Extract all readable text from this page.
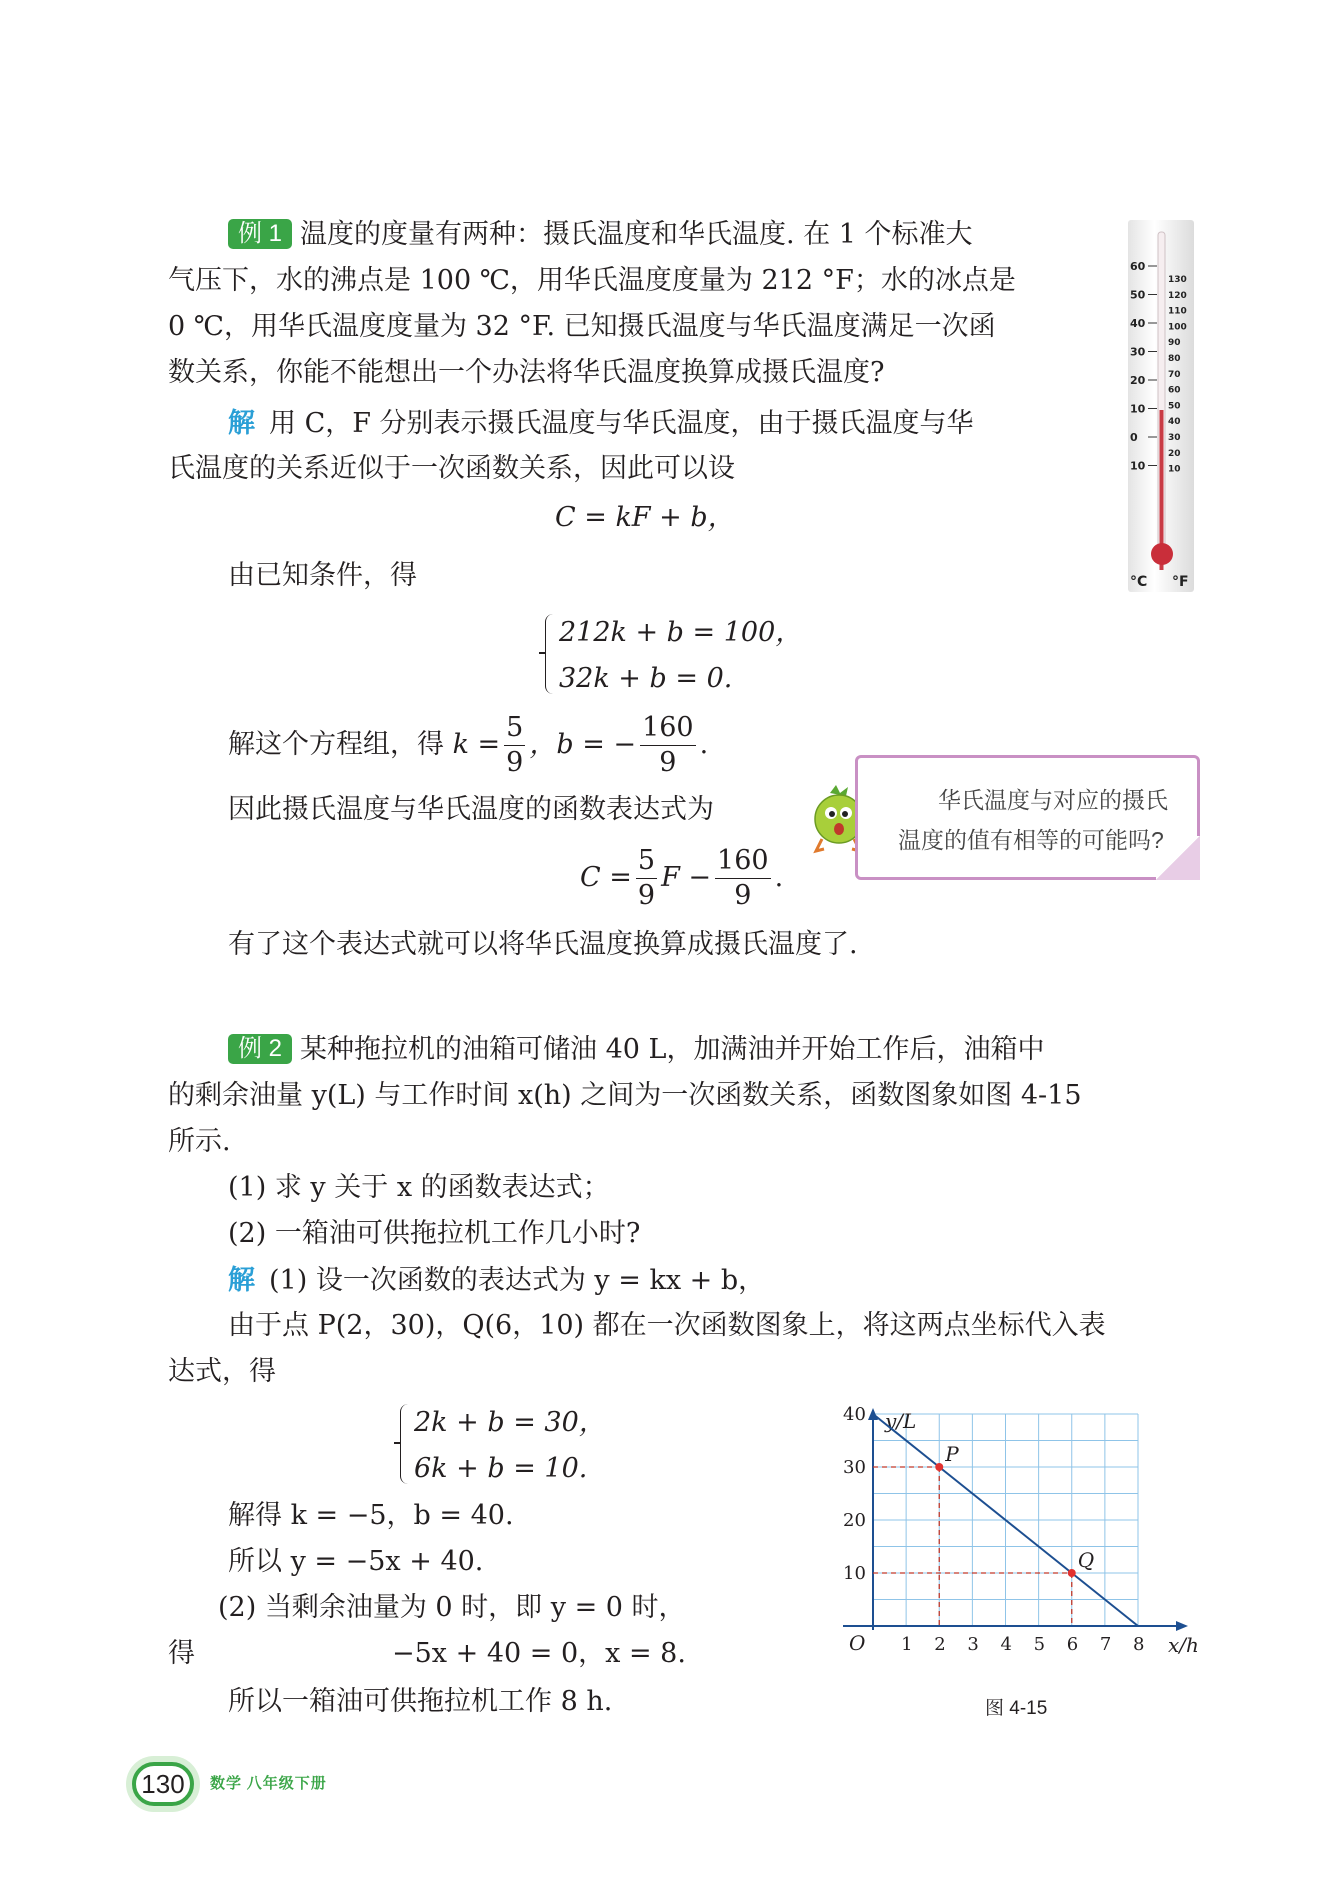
例 1 温度的度量有两种：摄氏温度和华氏温度. 在 1 个标准大
气压下，水的沸点是 100 ℃，用华氏温度度量为 212 °F；水的冰点是
0 ℃，用华氏温度度量为 32 °F. 已知摄氏温度与华氏温度满足一次函
数关系，你能不能想出一个办法将华氏温度换算成摄氏温度?
解 用 C，F 分别表示摄氏温度与华氏温度，由于摄氏温度与华
氏温度的关系近似于一次函数关系，因此可以设
C = kF + b，
由已知条件，得
212k + b = 100，
32k + b = 0.
解这个方程组，得 $k = \frac{5}{9}$ ，b = − $\frac{160}{9}$ .
因此摄氏温度与华氏温度的函数表达式为
$C = \frac{5}{9}$ $F - \frac{160}{9}$ .
有了这个表达式就可以将华氏温度换算成摄氏温度了.
60
50
40
30
20
10
0
10
130
120
110
100
90
80
70
60
50
40
30
20
10
°C °F
华氏温度与对应的摄氏温度的值有相等的可能吗?
例 2 某种拖拉机的油箱可储油 40 L，加满油并开始工作后，油箱中
的剩余油量 y(L) 与工作时间 x(h) 之间为一次函数关系，函数图象如图 4-15
所示.
(1) 求 y 关于 x 的函数表达式；
(2) 一箱油可供拖拉机工作几小时?
解 (1) 设一次函数的表达式为 y = kx + b，
由于点 P(2，30)，Q(6，10) 都在一次函数图象上，将这两点坐标代入表
达式，得
2k + b = 30，
6k + b = 10.
解得 k = −5，b = 40.
所以 y = −5x + 40.
(2) 当剩余油量为 0 时，即 y = 0 时，
得	−5x + 40 = 0，x = 8.
所以一箱油可供拖拉机工作 8 h.
1 2 3 4 5 6 7 8
10
20
30
40
O	x/h
y/L
P
Q
图 4-15
130	数学 八年级下册
